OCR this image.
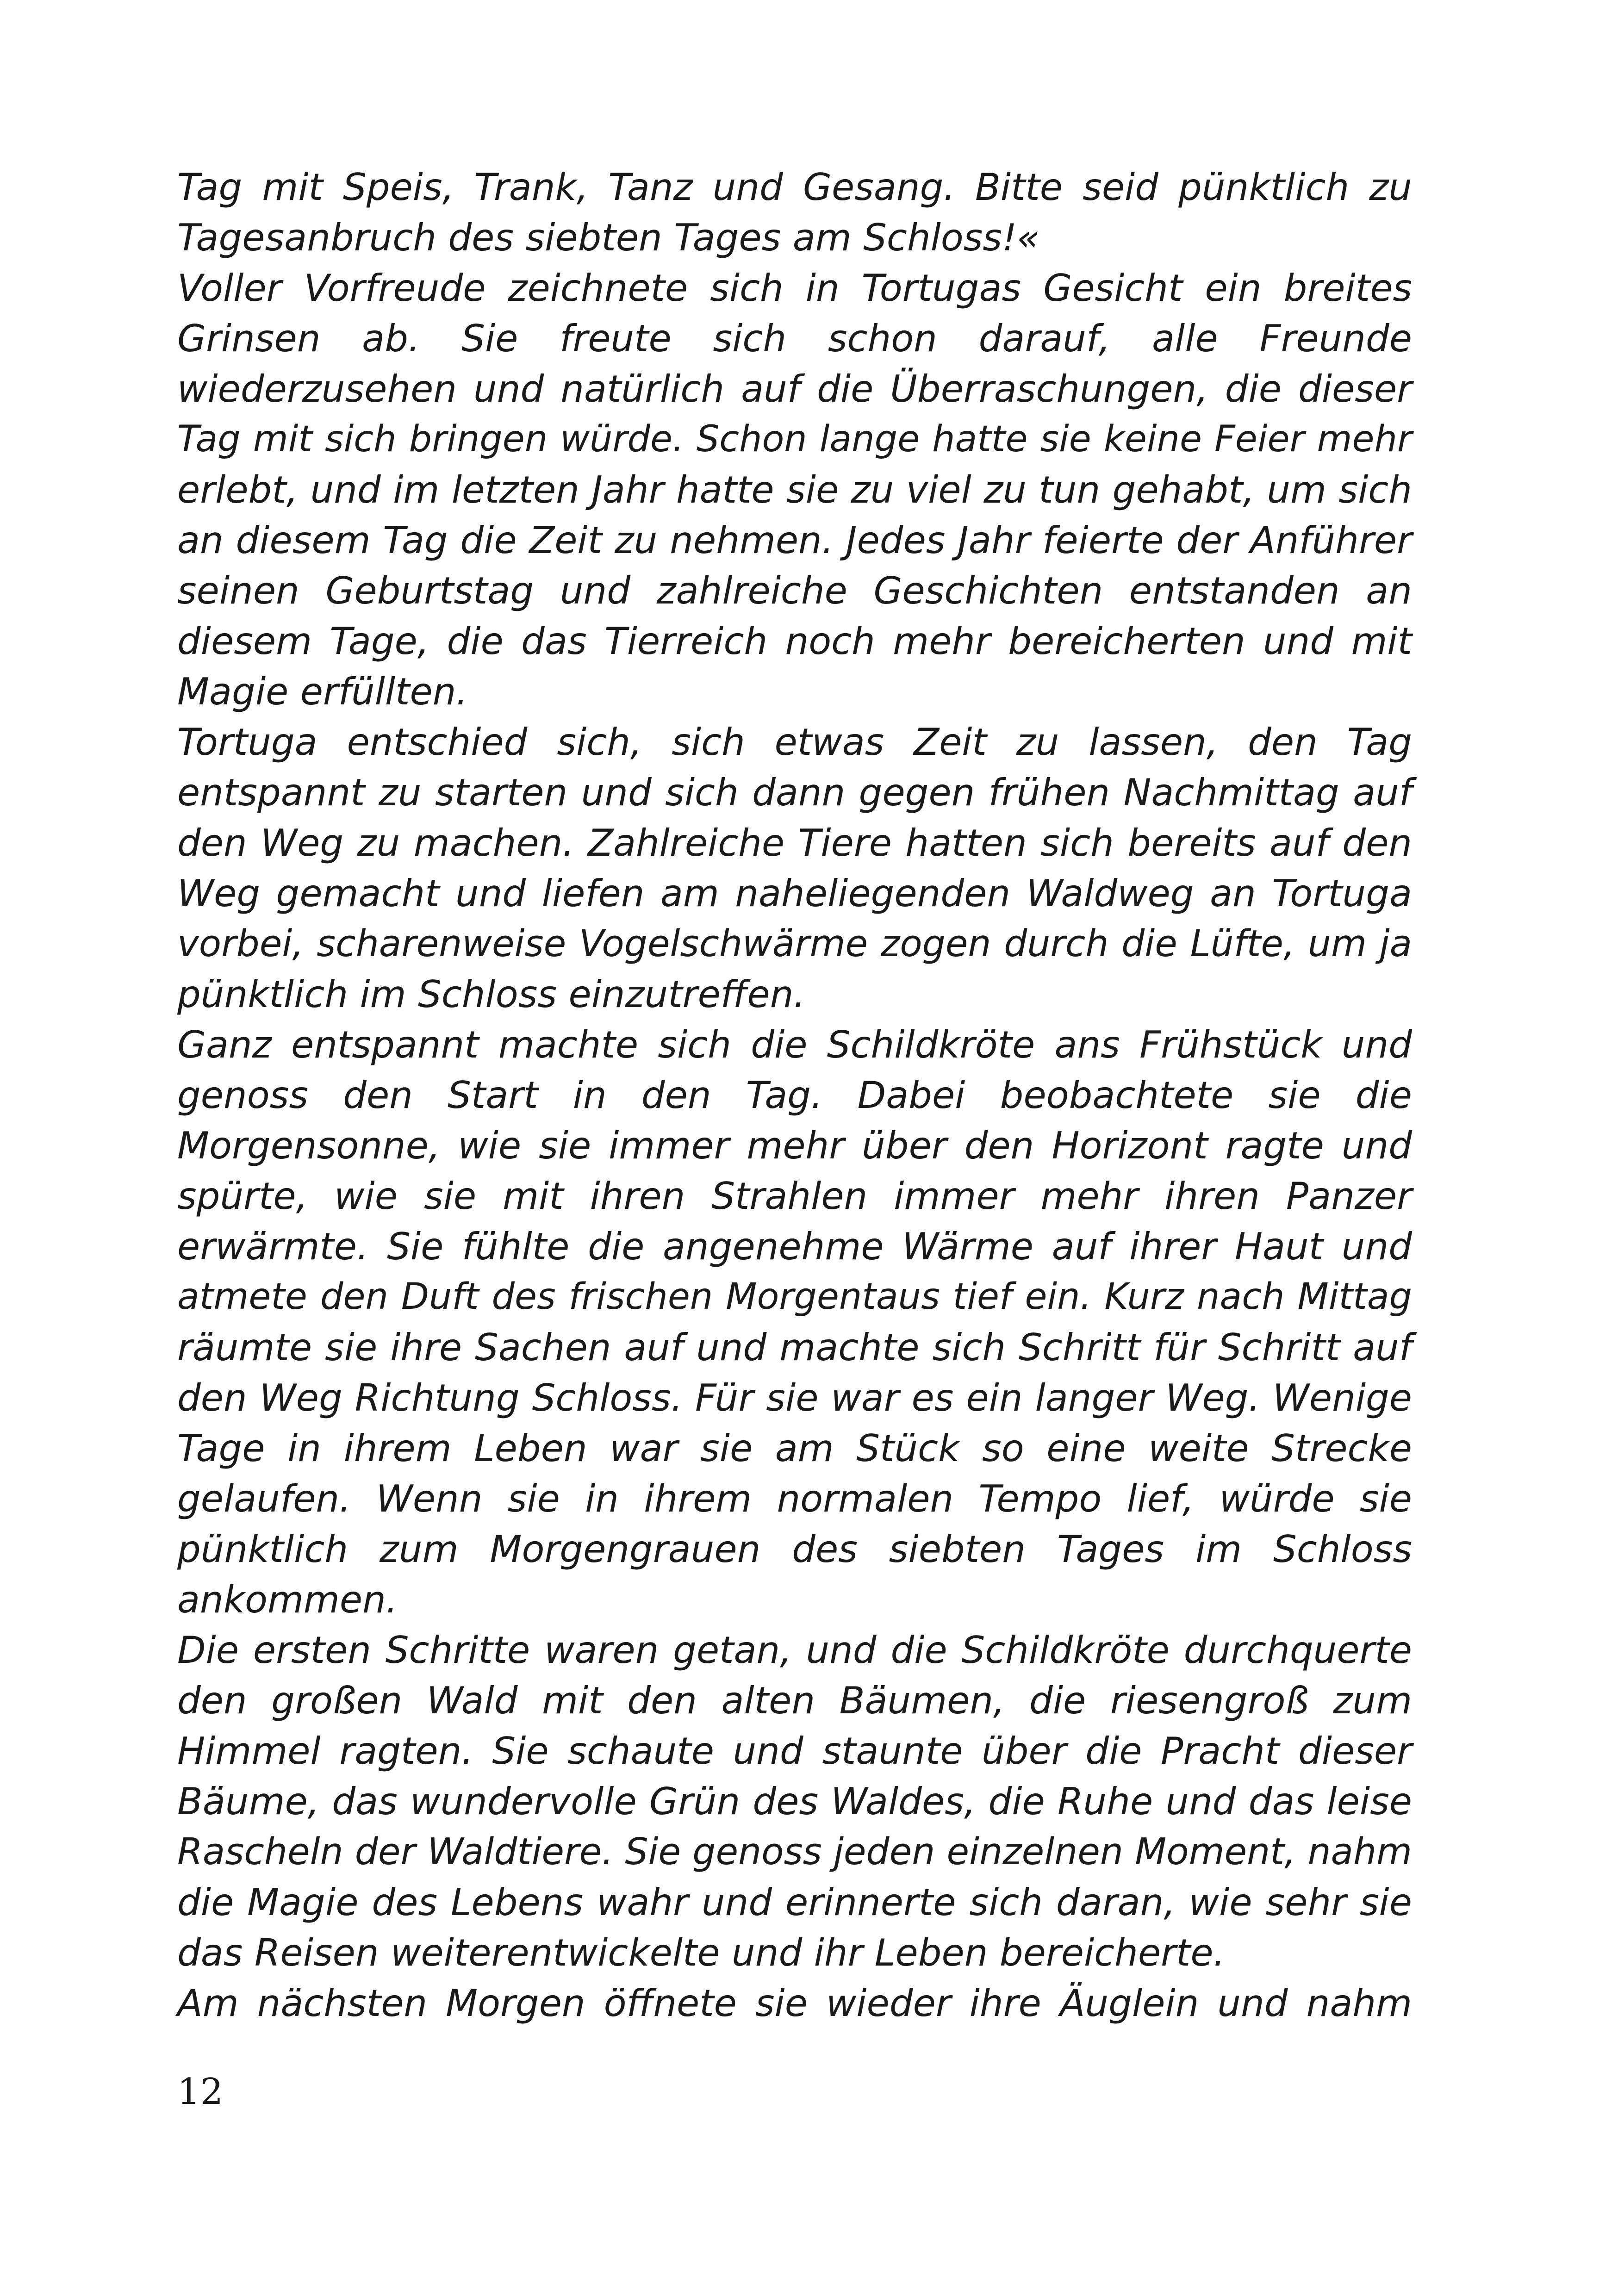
Tag mit Speis, Trank, Tanz und Gesang. Bitte seid pünktlich zu
Tagesanbruch des siebten Tages am Schloss!«
Voller Vorfreude zeichnete sich in Tortugas Gesicht ein breites
Grinsen ab. Sie freute sich schon darauf, alle Freunde
wiederzusehen und natürlich auf die Überraschungen, die dieser
Tag mit sich bringen würde. Schon lange hatte sie keine Feier mehr
erlebt, und im letzten Jahr hatte sie zu viel zu tun gehabt, um sich
an diesem Tag die Zeit zu nehmen. Jedes Jahr feierte der Anführer
seinen Geburtstag und zahlreiche Geschichten entstanden an
diesem Tage, die das Tierreich noch mehr bereicherten und mit
Magie erfüllten.
Tortuga entschied sich, sich etwas Zeit zu lassen, den Tag
entspannt zu starten und sich dann gegen frühen Nachmittag auf
den Weg zu machen. Zahlreiche Tiere hatten sich bereits auf den
Weg gemacht und liefen am naheliegenden Waldweg an Tortuga
vorbei, scharenweise Vogelschwärme zogen durch die Lüfte, um ja
pünktlich im Schloss einzutreffen.
Ganz entspannt machte sich die Schildkröte ans Frühstück und
genoss den Start in den Tag. Dabei beobachtete sie die
Morgensonne, wie sie immer mehr über den Horizont ragte und
spürte, wie sie mit ihren Strahlen immer mehr ihren Panzer
erwärmte. Sie fühlte die angenehme Wärme auf ihrer Haut und
atmete den Duft des frischen Morgentaus tief ein. Kurz nach Mittag
räumte sie ihre Sachen auf und machte sich Schritt für Schritt auf
den Weg Richtung Schloss. Für sie war es ein langer Weg. Wenige
Tage in ihrem Leben war sie am Stück so eine weite Strecke
gelaufen. Wenn sie in ihrem normalen Tempo lief, würde sie
pünktlich zum Morgengrauen des siebten Tages im Schloss
ankommen.
Die ersten Schritte waren getan, und die Schildkröte durchquerte
den großen Wald mit den alten Bäumen, die riesengroß zum
Himmel ragten. Sie schaute und staunte über die Pracht dieser
Bäume, das wundervolle Grün des Waldes, die Ruhe und das leise
Rascheln der Waldtiere. Sie genoss jeden einzelnen Moment, nahm
die Magie des Lebens wahr und erinnerte sich daran, wie sehr sie
das Reisen weiterentwickelte und ihr Leben bereicherte.
Am nächsten Morgen öffnete sie wieder ihre Äuglein und nahm
12
